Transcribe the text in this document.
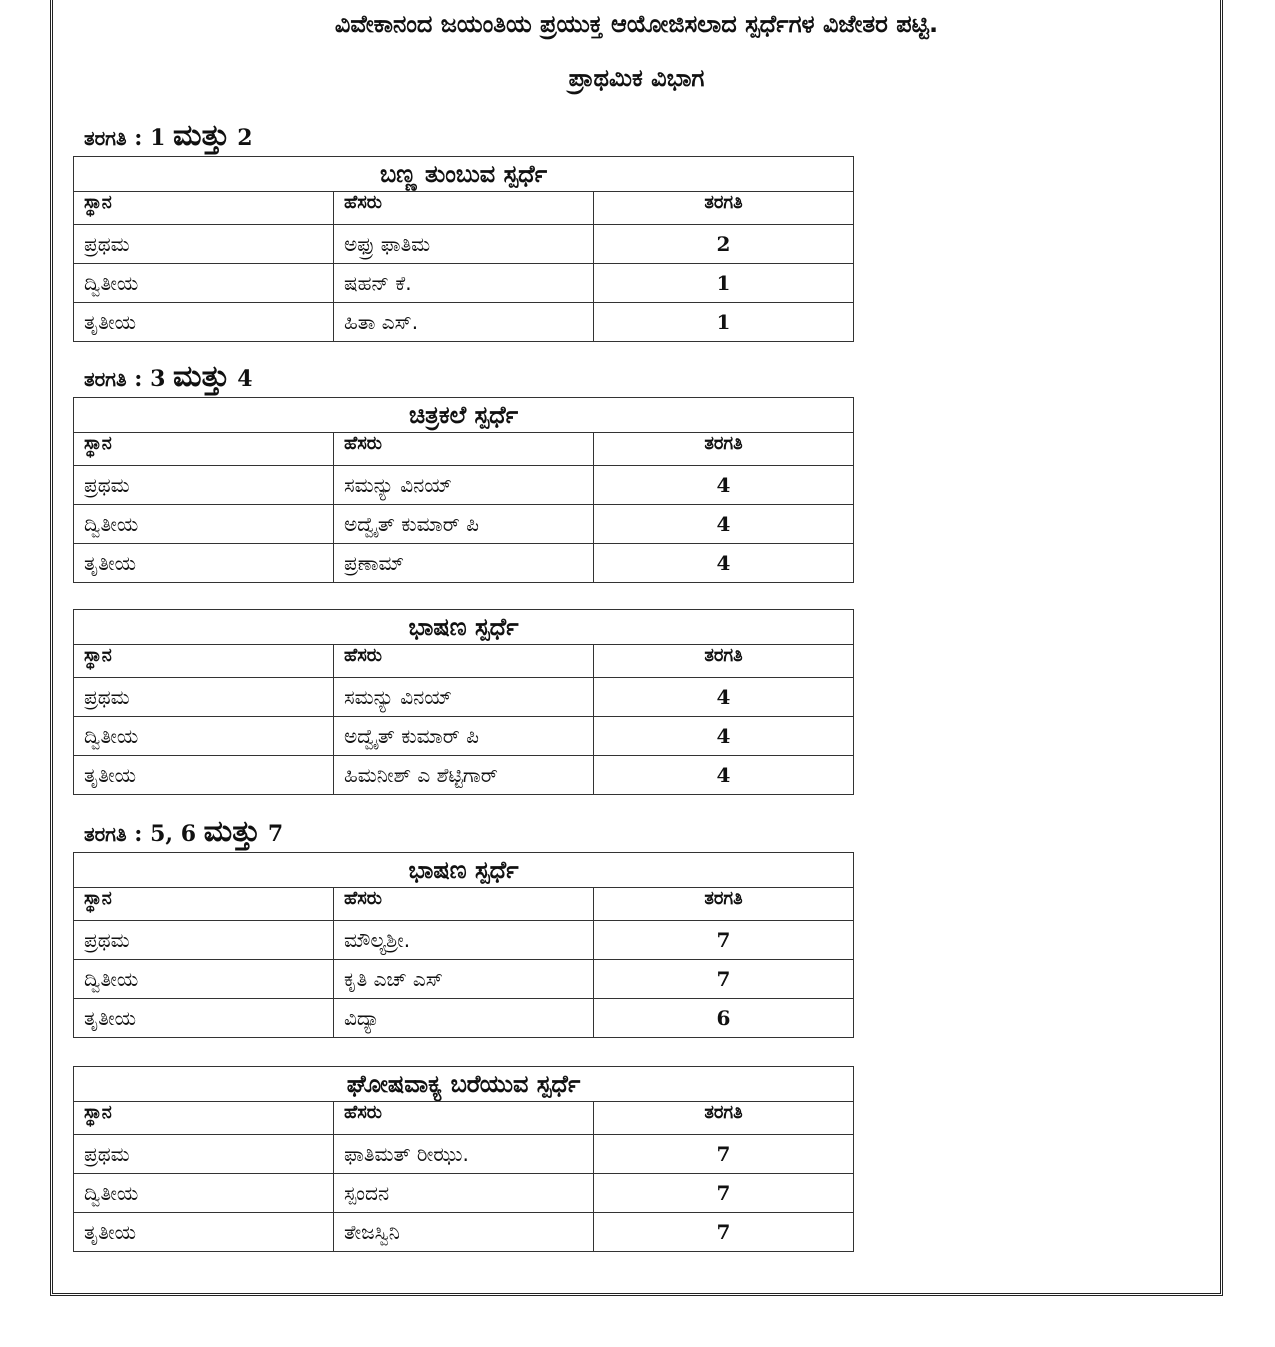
ವಿವೇಕಾನಂದ ಜಯಂತಿಯ ಪ್ರಯುಕ್ತ ಆಯೋಜಿಸಲಾದ ಸ್ಪರ್ಧೆಗಳ ವಿಜೇತರ ಪಟ್ಟಿ.
ಪ್ರಾಥಮಿಕ ವಿಭಾಗ

ತರಗತಿ : 1 ಮತ್ತು 2

ಬಣ್ಣ ತುಂಬುವ ಸ್ಪರ್ಧೆ		
ಸ್ಥಾನ	ಹೆಸರು	ತರಗತಿ
ಪ್ರಥಮ	ಅಫ್ರು ಫಾತಿಮ	2
ದ್ವಿತೀಯ	ಷಹನ್ ಕೆ.	1
ತೃತೀಯ	ಹಿತಾ ಎಸ್.	1

ತರಗತಿ : 3 ಮತ್ತು 4

ಚಿತ್ರಕಲೆ ಸ್ಪರ್ಧೆ		
ಸ್ಥಾನ	ಹೆಸರು	ತರಗತಿ
ಪ್ರಥಮ	ಸಮನ್ಯು ವಿನಯ್	4
ದ್ವಿತೀಯ	ಅದ್ವೈತ್ ಕುಮಾರ್ ಪಿ	4
ತೃತೀಯ	ಪ್ರಣಾಮ್	4
ಭಾಷಣ ಸ್ಪರ್ಧೆ		
ಸ್ಥಾನ	ಹೆಸರು	ತರಗತಿ
ಪ್ರಥಮ	ಸಮನ್ಯು ವಿನಯ್	4
ದ್ವಿತೀಯ	ಅದ್ವೈತ್ ಕುಮಾರ್ ಪಿ	4
ತೃತೀಯ	ಹಿಮನೀಶ್ ಎ ಶೆಟ್ಟಿಗಾರ್	4

ತರಗತಿ : 5, 6 ಮತ್ತು 7

ಭಾಷಣ ಸ್ಪರ್ಧೆ		
ಸ್ಥಾನ	ಹೆಸರು	ತರಗತಿ
ಪ್ರಥಮ	ಮೌಲ್ಯಶ್ರೀ.	7
ದ್ವಿತೀಯ	ಕೃತಿ ಎಚ್ ಎಸ್	7
ತೃತೀಯ	ವಿದ್ಯಾ	6
ಘೋಷವಾಕ್ಯ ಬರೆಯುವ ಸ್ಪರ್ಧೆ		
ಸ್ಥಾನ	ಹೆಸರು	ತರಗತಿ
ಪ್ರಥಮ	ಫಾತಿಮತ್ ರೀಝು.	7
ದ್ವಿತೀಯ	ಸ್ಪಂದನ	7
ತೃತೀಯ	ತೇಜಸ್ವಿನಿ	7
